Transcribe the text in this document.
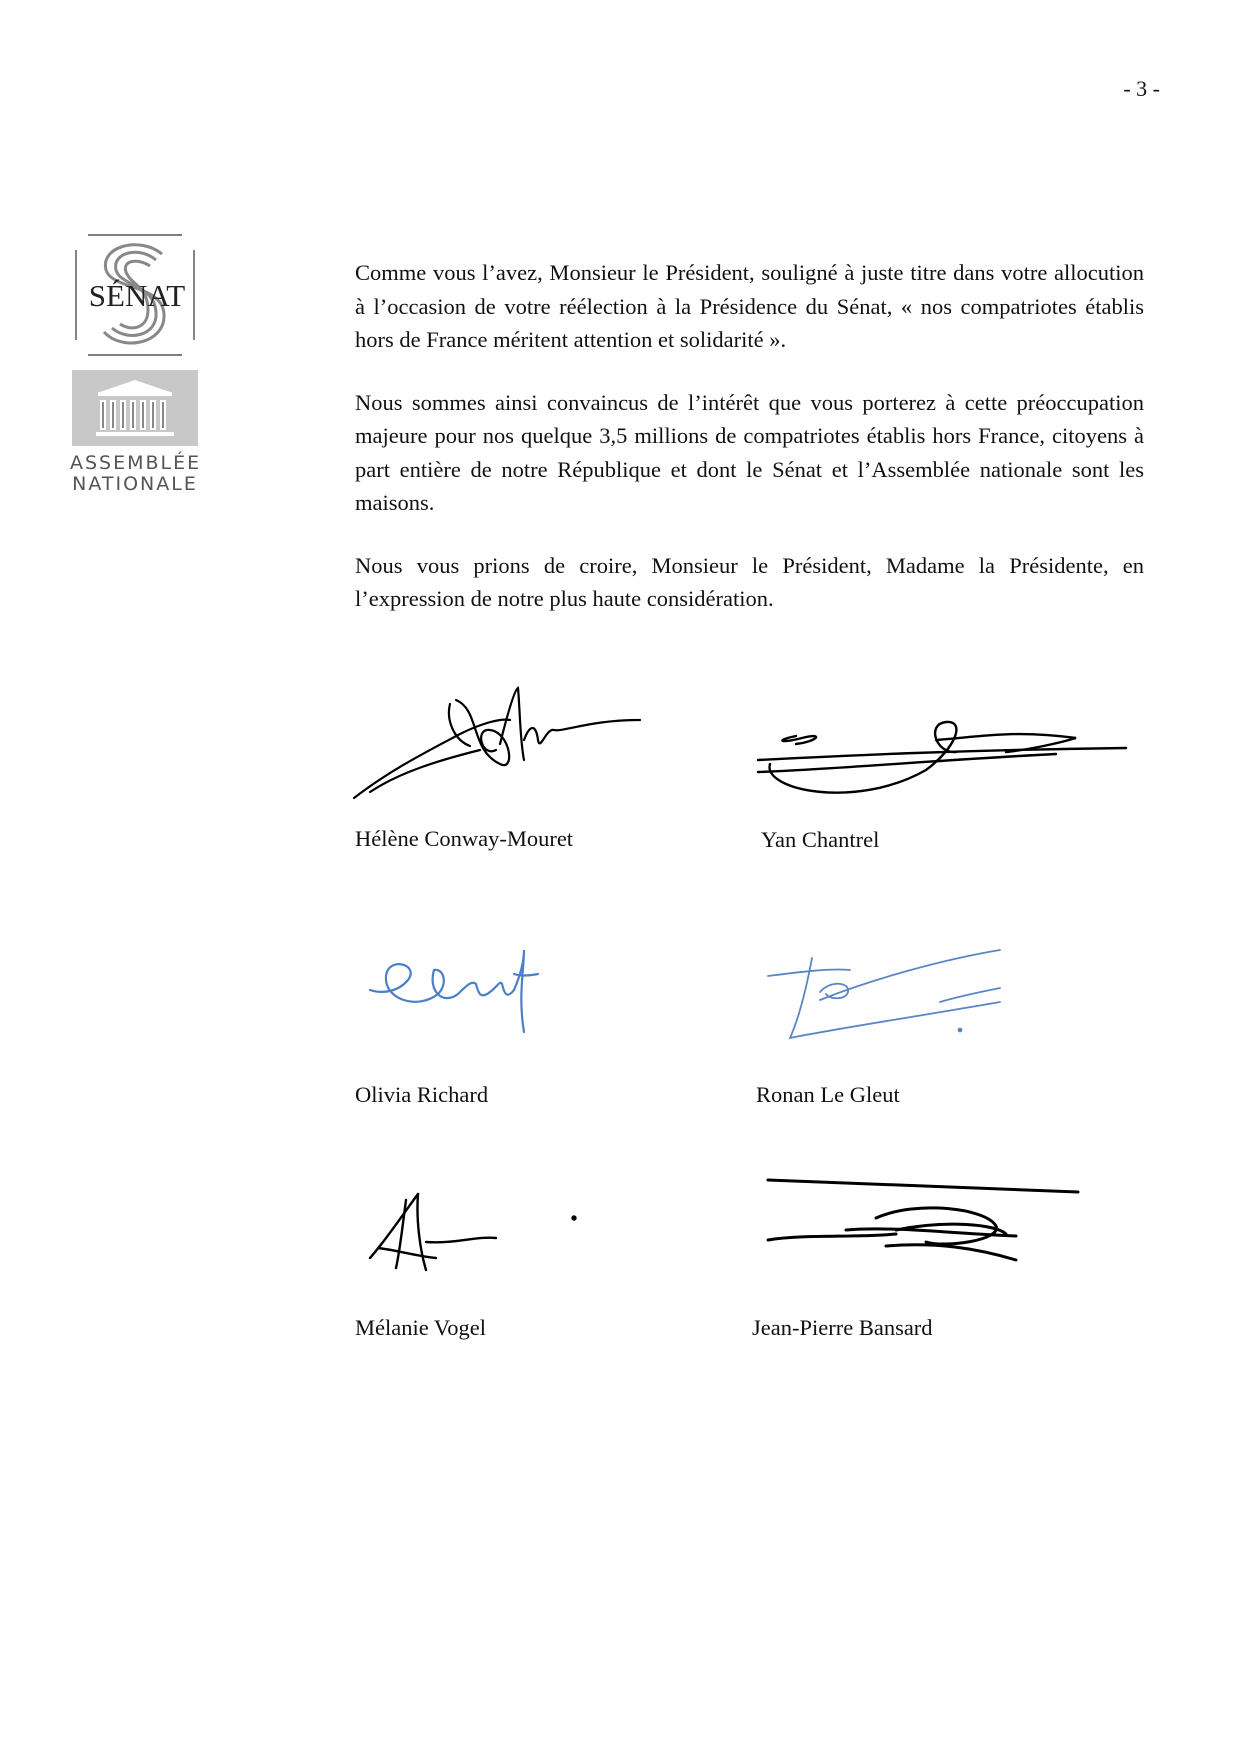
- 3 -
SÉNAT
ASSEMBLÉE
NATIONALE

Comme vous l’avez, Monsieur le Président, souligné à juste titre dans votre allocution à l’occasion de votre réélection à la Présidence du Sénat, « nos compatriotes établis hors de France méritent attention et solidarité ».

Nous sommes ainsi convaincus de l’intérêt que vous porterez à cette préoccupation majeure pour nos quelque 3,5 millions de compatriotes établis hors France, citoyens à part entière de notre République et dont le Sénat et l’Assemblée nationale sont les maisons.

Nous vous prions de croire, Monsieur le Président, Madame la Présidente, en l’expression de notre plus haute considération.

Hélène Conway-Mouret	Yan Chantrel
Olivia Richard	Ronan Le Gleut
Mélanie Vogel	Jean-Pierre Bansard
